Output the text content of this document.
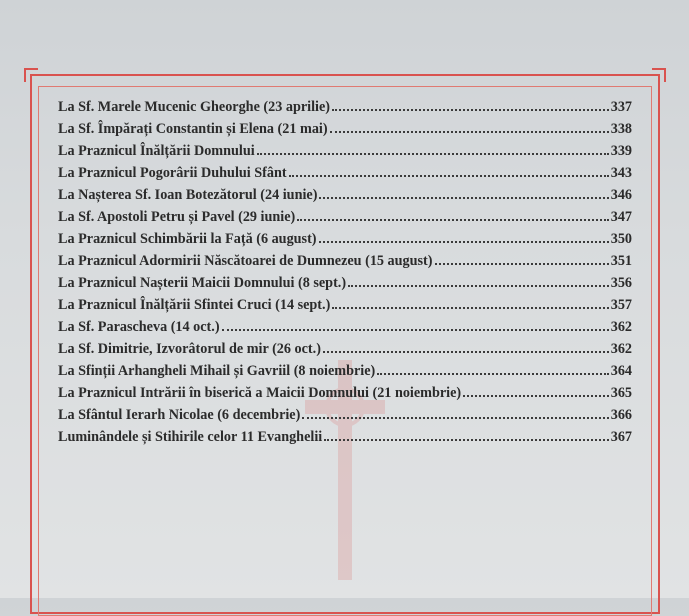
La Sf. Marele Mucenic Gheorghe (23 aprilie)	337
La Sf. Împărați Constantin și Elena (21 mai)	338
La Praznicul Înălțării Domnului	339
La Praznicul Pogorârii Duhului Sfânt	343
La Nașterea Sf. Ioan Botezătorul (24 iunie)	346
La Sf. Apostoli Petru și Pavel (29 iunie)	347
La Praznicul Schimbării la Față (6 august)	350
La Praznicul Adormirii Născătoarei de Dumnezeu (15 august)	351
La Praznicul Nașterii Maicii Domnului (8 sept.)	356
La Praznicul Înălțării Sfintei Cruci (14 sept.)	357
La Sf. Parascheva (14 oct.)	362
La Sf. Dimitrie, Izvorâtorul de mir (26 oct.)	362
La Sfinții Arhangheli Mihail și Gavriil (8 noiembrie)	364
La Praznicul Intrării în biserică a Maicii Domnului (21 noiembrie)	365
La Sfântul Ierarh Nicolae (6 decembrie)	366
Luminândele și Stihirile celor 11 Evanghelii	367
